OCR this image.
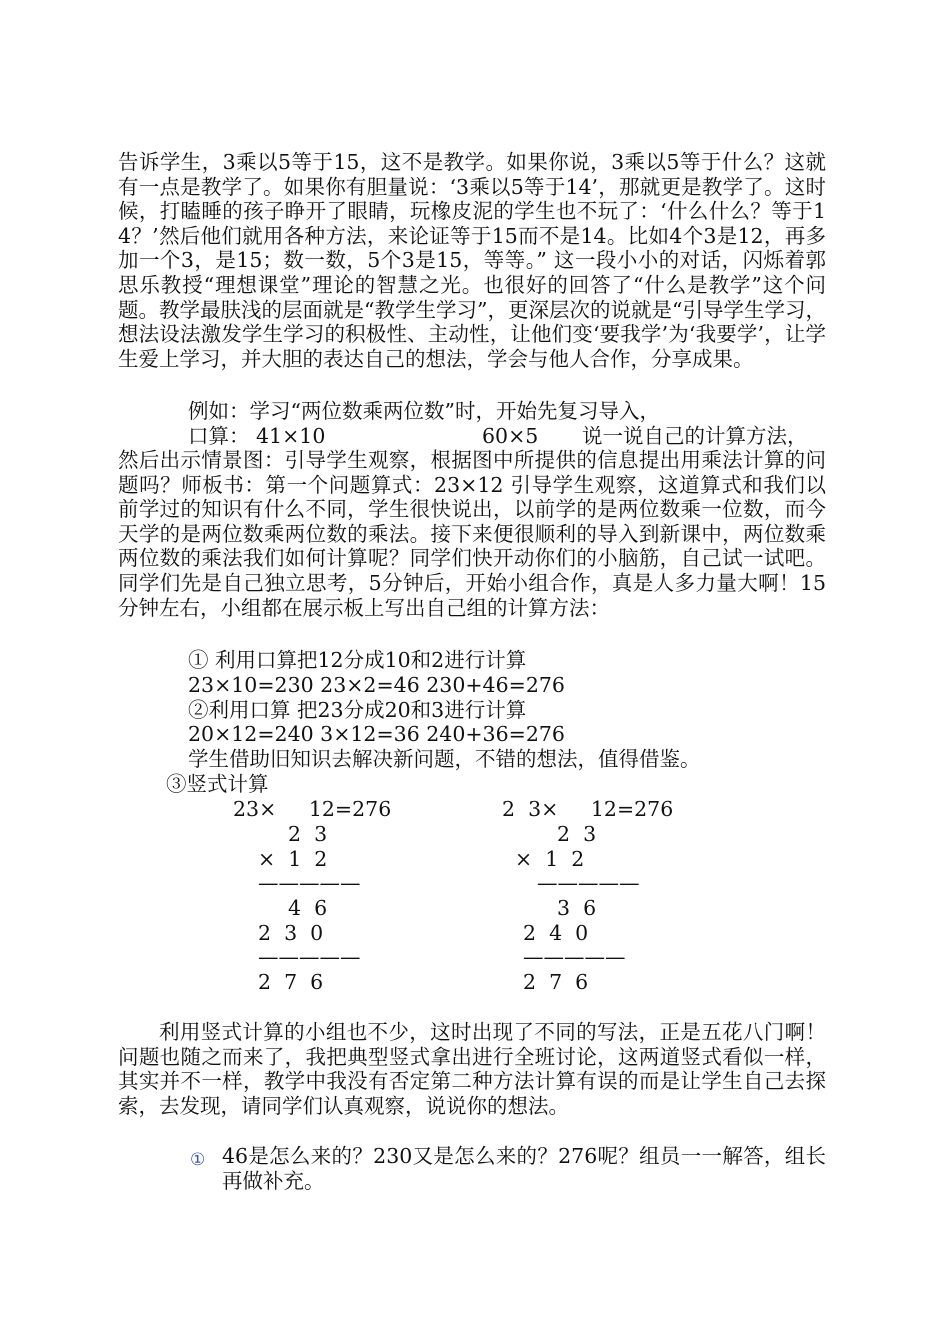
告诉学生，3乘以5等于15，这不是教学。如果你说，3乘以5等于什么？这就有一点是教学了。如果你有胆量说：‘3乘以5等于14’，那就更是教学了。这时候，打瞌睡的孩子睁开了眼睛，玩橡皮泥的学生也不玩了：‘什么什么？等于14？’然后他们就用各种方法，来论证等于15而不是14。比如4个3是12，再多加一个3，是15；数一数，5个3是15，等等。” 这一段小小的对话，闪烁着郭思乐教授“理想课堂”理论的智慧之光。也很好的回答了“什么是教学”这个问题。教学最肤浅的层面就是“教学生学习”，更深层次的说就是“引导学生学习，想法设法激发学生学习的积极性、主动性，让他们变‘要我学’为‘我要学’，让学生爱上学习，并大胆的表达自己的想法，学会与他人合作，分享成果。
例如：学习“两位数乘两位数”时，开始先复习导入，
口算： 41×10	60×5 说一说自己的计算方法，
然后出示情景图：引导学生观察，根据图中所提供的信息提出用乘法计算的问题吗？师板书：第一个问题算式：23×12 引导学生观察，这道算式和我们以前学过的知识有什么不同，学生很快说出，以前学的是两位数乘一位数，而今天学的是两位数乘两位数的乘法。接下来便很顺利的导入到新课中，两位数乘两位数的乘法我们如何计算呢？同学们快开动你们的小脑筋，自己试一试吧。同学们先是自己独立思考，5分钟后，开始小组合作，真是人多力量大啊！15分钟左右，小组都在展示板上写出自己组的计算方法：
① 利用口算把12分成10和2进行计算
23×10=230 23×2=46 230+46=276
②利用口算 把23分成20和3进行计算
20×12=240 3×12=36 240+36=276
学生借助旧知识去解决新问题，不错的想法，值得借鉴。
③竖式计算
23×     12=276
2  3
×  1  2
—————
4  6
2  3  0
—————
2  7  6
2  3×     12=276
2  3
×  1  2
—————
3  6
2  4  0
—————
2  7  6
利用竖式计算的小组也不少，这时出现了不同的写法，正是五花八门啊！问题也随之而来了，我把典型竖式拿出进行全班讨论，这两道竖式看似一样，其实并不一样，教学中我没有否定第二种方法计算有误的而是让学生自己去探索，去发现，请同学们认真观察，说说你的想法。
① 46是怎么来的？230又是怎么来的？276呢？组员一一解答，组长再做补充。
